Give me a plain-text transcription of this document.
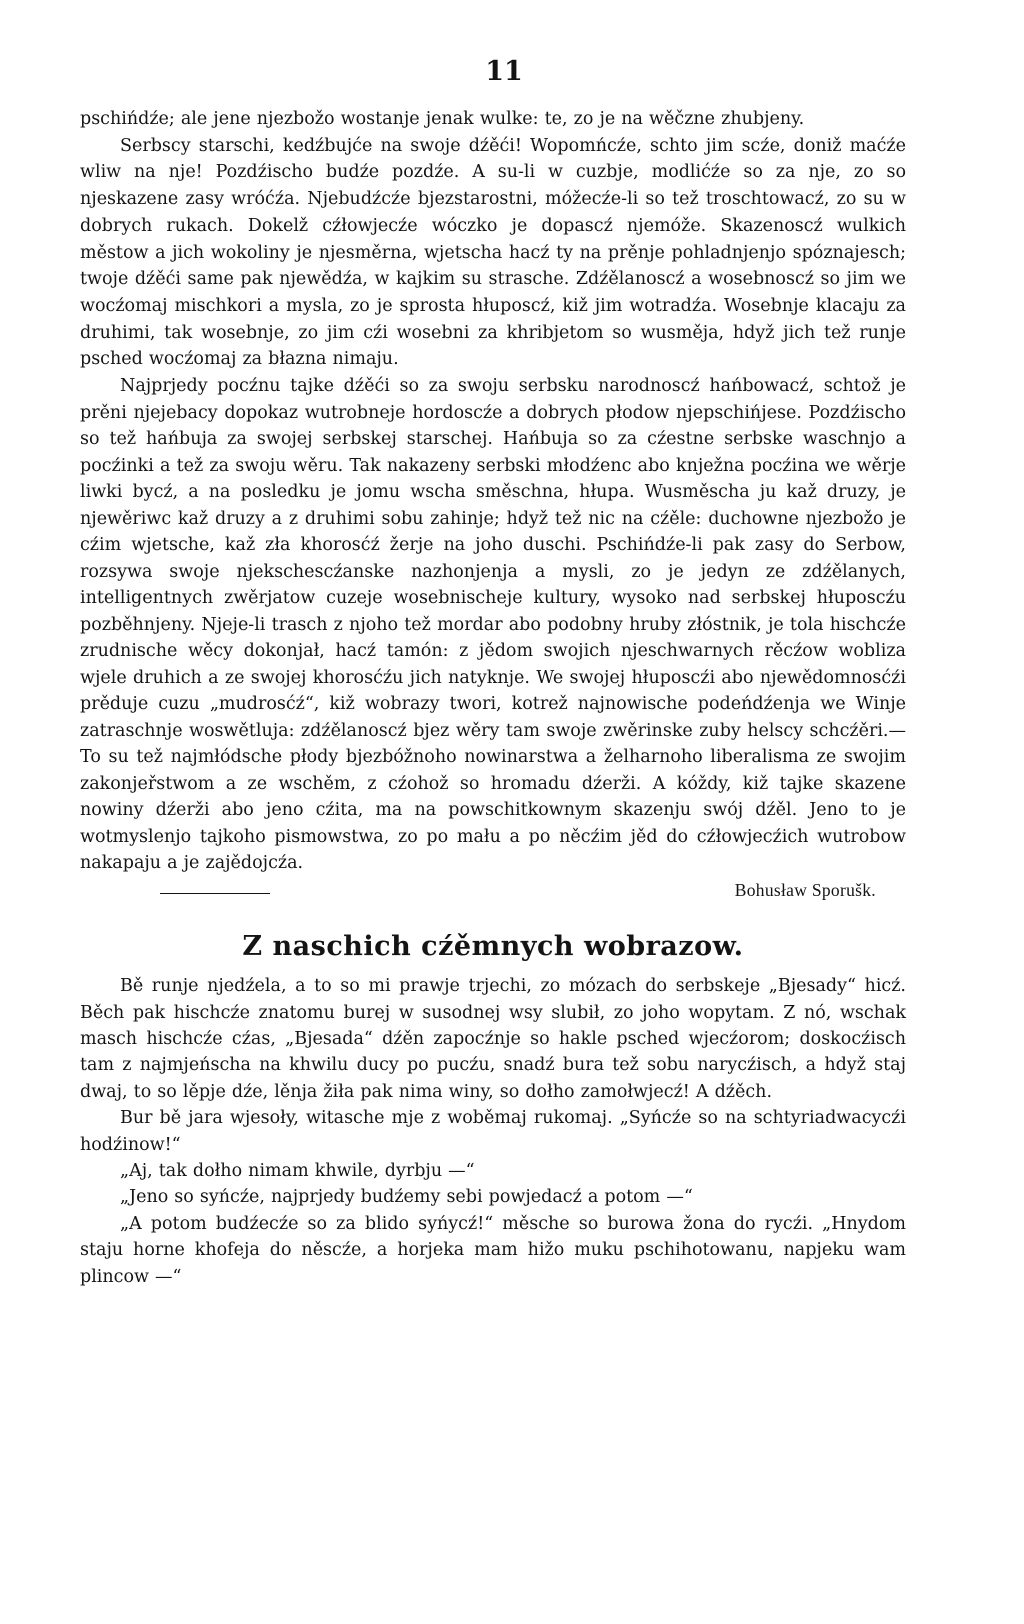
11

pschińdźe; ale jene njezbožo wostanje jenak wulke: te, zo je na wěčzne zhubjeny.

Serbscy starschi, kedźbujće na swoje dźěći! Wopomńcźe, schto jim scźe, doniž maćźe wliw na nje! Pozdźischo budźe pozdźe. A su-li w cuzbje, modlićźe so za nje, zo so njeskazene zasy wróćźa. Njebudźcźe bjezstarostni, móžecźe-li so tež troschtowacź, zo su w dobrych rukach. Dokelž cźłowjecźe wóczko je dopascź njemóže. Skazenoscź wulkich městow a jich wokoliny je njesměrna, wjetscha hacź ty na prěnje pohladnjenjo spóznajesch; twoje dźěći same pak njewědźa, w kajkim su strasche. Zdźělanoscź a wosebnoscź so jim we wocźomaj mischkori a mysla, zo je sprosta hłuposcź, kiž jim wotradźa. Wosebnje klacaju za druhimi, tak wosebnje, zo jim cźi wosebni za khribjetom so wusměja, hdyž jich tež runje psched wocźomaj za błazna nimaju.

Najprjedy pocźnu tajke dźěći so za swoju serbsku narodnoscź hańbowacź, schtož je prěni njejebacy dopokaz wutrobneje hordoscźe a dobrych płodow njepschińjese. Pozdźischo so tež hańbuja za swojej serbskej starschej. Hańbuja so za cźestne serbske waschnjo a pocźinki a tež za swoju wěru. Tak nakazeny serbski młodźenc abo knježna pocźina we wěrje liwki bycź, a na posledku je jomu wscha směschna, hłupa. Wusměscha ju kaž druzy, je njewěriwc kaž druzy a z druhimi sobu zahinje; hdyž tež nic na cźěle: duchowne njezbožo je cźim wjetsche, kaž zła khorosćź žerje na joho duschi. Pschińdźe-li pak zasy do Serbow, rozsywa swoje njekschescźanske nazhonjenja a mysli, zo je jedyn ze zdźělanych, intelligentnych zwěrjatow cuzeje wosebnischeje kultury, wysoko nad serbskej hłuposcźu pozběhnjeny. Njeje-li trasch z njoho tež mordar abo podobny hruby złóstnik, je tola hischcźe zrudnische wěcy dokonjał, hacź tamón: z jědom swojich njeschwarnych rěcźow wobliza wjele druhich a ze swojej khorosćźu jich natyknje. We swojej hłuposcźi abo njewědomnosćźi prěduje cuzu „mudrosćź“, kiž wobrazy twori, kotrež najnowische podeńdźenja we Winje zatraschnje woswětluja: zdźělanoscź bjez wěry tam swoje zwěrinske zuby helscy schcźěri.— To su tež najmłódsche płody bjezbóžnoho nowinarstwa a želharnoho liberalisma ze swojim zakonjeřstwom a ze wschěm, z cźohož so hromadu dźerži. A kóždy, kiž tajke skazene nowiny dźerži abo jeno cźita, ma na powschitkownym skazenju swój dźěl. Jeno to je wotmyslenjo tajkoho pismowstwa, zo po mału a po něcźim jěd do cźłowjecźich wutrobow nakapaju a je zajědojcźa.

Bohusław Sporušk.
Z naschich cźěmnych wobrazow.

Bě runje njedźela, a to so mi prawje trjechi, zo mózach do serbskeje „Bjesady“ hicź. Běch pak hischcźe znatomu burej w susodnej wsy slubił, zo joho wopytam. Z nó, wschak masch hischcźe cźas, „Bjesada“ dźěn zapocźnje so hakle psched wjecźorom; doskocźisch tam z najmjeńscha na khwilu ducy po pucźu, snadź bura tež sobu narycźisch, a hdyž staj dwaj, to so lěpje dźe, lěnja žiła pak nima winy, so dołho zamołwjecź! A dźěch.

Bur bě jara wjesoły, witasche mje z woběmaj rukomaj. „Syńcźe so na schtyriadwacycźi hodźinow!“

„Aj, tak dołho nimam khwile, dyrbju —“

„Jeno so syńcźe, najprjedy budźemy sebi powjedacź a potom —“

„A potom budźecźe so za blido syńycź!“ měsche so burowa žona do rycźi. „Hnydom staju horne khofeja do něscźe, a horjeka mam hižo muku pschihotowanu, napjeku wam plincow —“
